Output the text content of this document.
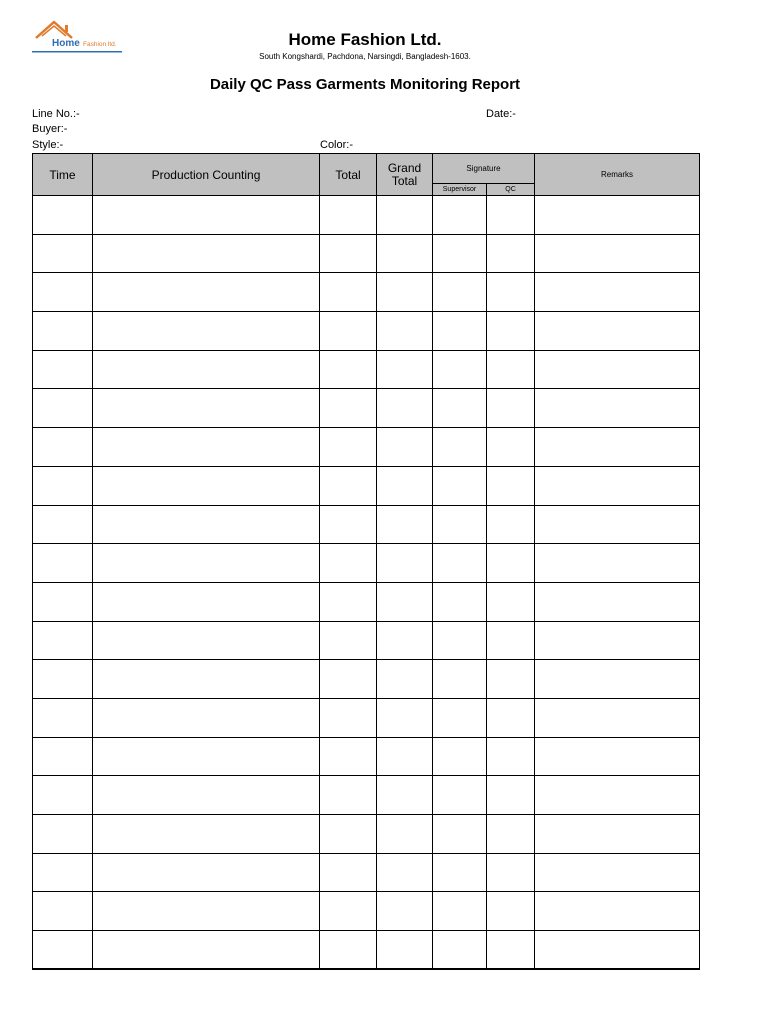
Home Fashion ltd.	Home Fashion Ltd.
South Kongshardi, Pachdona, Narsingdi, Bangladesh-1603.
Daily QC Pass Garments Monitoring Report
Line No.:-	Date:-
Buyer:-
Style:-	Color:-
Time	Production Counting	Total	Grand Total	Signature		Remarks
				Supervisor	QC	
